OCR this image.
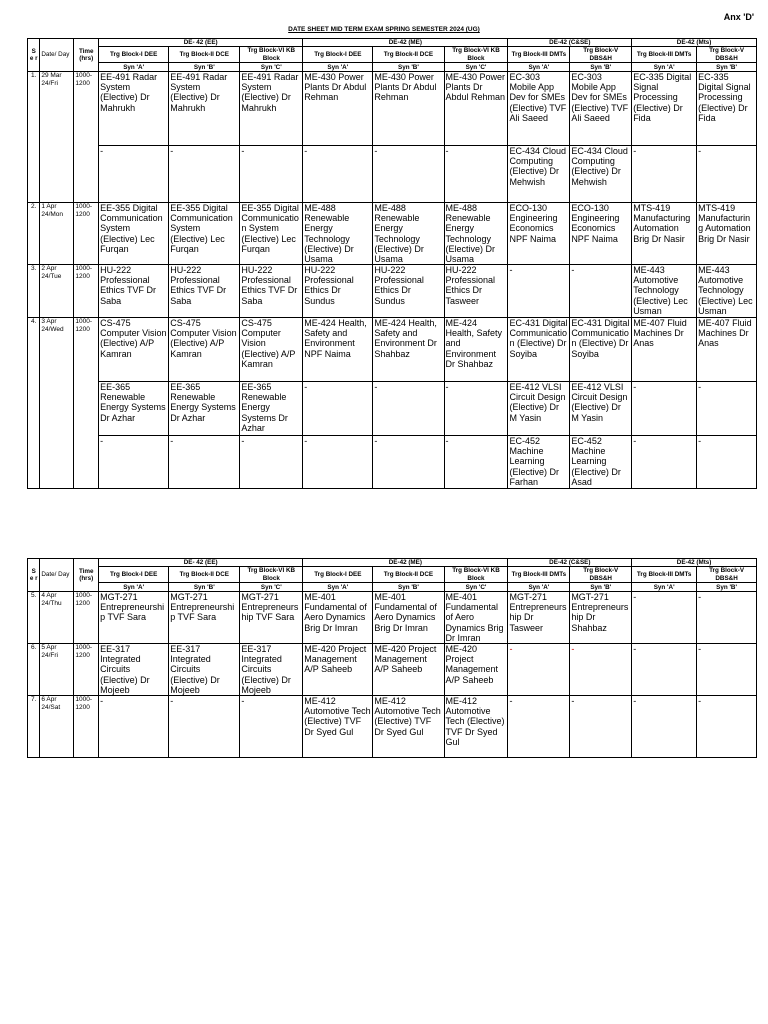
Anx 'D'
DATE SHEET MID TERM EXAM SPRING SEMESTER 2024 (UG)
S e r	Date/ Day	Time (hrs)	DE- 42 (EE)			DE-42 (ME)			DE-42 (C&SE)		DE-42 (Mts)	
			Trg Block-I DEE	Trg Block-II DCE	Trg Block-VI KB Block	Trg Block-I DEE	Trg Block-II DCE	Trg Block-VI KB Block	Trg Block-III DMTs	Trg Block-V DBS&H	Trg Block-III DMTs	Trg Block-V DBS&H
			Syn 'A'	Syn 'B'	Syn 'C'	Syn 'A'	Syn 'B'	Syn 'C'	Syn 'A'	Syn 'B'	Syn 'A'	Syn 'B'
1.	29 Mar 24/Fri	1000-1200	EE-491 Radar System (Elective) Dr Mahrukh	EE-491 Radar System (Elective) Dr Mahrukh	EE-491 Radar System (Elective) Dr Mahrukh	ME-430 Power Plants Dr Abdul Rehman	ME-430 Power Plants Dr Abdul Rehman	ME-430 Power Plants Dr Abdul Rehman	EC-303 Mobile App Dev for SMEs (Elective) TVF Ali Saeed	EC-303 Mobile App Dev for SMEs (Elective) TVF Ali Saeed	EC-335 Digital Signal Processing (Elective) Dr Fida	EC-335 Digital Signal Processing (Elective) Dr Fida
			-	-	-	-	-	-	EC-434 Cloud Computing (Elective) Dr Mehwish	EC-434 Cloud Computing (Elective) Dr Mehwish	-	-
2.	1 Apr 24/Mon	1000-1200	EE-355 Digital Communication System (Elective) Lec Furqan	EE-355 Digital Communication System (Elective) Lec Furqan	EE-355 Digital Communication System (Elective) Lec Furqan	ME-488 Renewable Energy Technology (Elective) Dr Usama	ME-488 Renewable Energy Technology (Elective) Dr Usama	ME-488 Renewable Energy Technology (Elective) Dr Usama	ECO-130 Engineering Economics NPF Naima	ECO-130 Engineering Economics NPF Naima	MTS-419 Manufacturing Automation Brig Dr Nasir	MTS-419 Manufacturing Automation Brig Dr Nasir
3.	2 Apr 24/Tue	1000-1200	HU-222 Professional Ethics TVF Dr Saba	HU-222 Professional Ethics TVF Dr Saba	HU-222 Professional Ethics TVF Dr Saba	HU-222 Professional Ethics Dr Sundus	HU-222 Professional Ethics Dr Sundus	HU-222 Professional Ethics Dr Tasweer	-	-	ME-443 Automotive Technology (Elective) Lec Usman	ME-443 Automotive Technology (Elective) Lec Usman
4.	3 Apr 24/Wed	1000-1200	CS-475 Computer Vision (Elective) A/P Kamran	CS-475 Computer Vision (Elective) A/P Kamran	CS-475 Computer Vision (Elective) A/P Kamran	ME-424 Health, Safety and Environment NPF Naima	ME-424 Health, Safety and Environment Dr Shahbaz	ME-424 Health, Safety and Environment Dr Shahbaz	EC-431 Digital Communication (Elective) Dr Soyiba	EC-431 Digital Communication (Elective) Dr Soyiba	ME-407 Fluid Machines Dr Anas	ME-407 Fluid Machines Dr Anas
			EE-365 Renewable Energy Systems Dr Azhar	EE-365 Renewable Energy Systems Dr Azhar	EE-365 Renewable Energy Systems Dr Azhar	-	-	-	EE-412 VLSI Circuit Design (Elective) Dr M Yasin	EE-412 VLSI Circuit Design (Elective) Dr M Yasin	-	-
			-	-	-	-	-	-	EC-452 Machine Learning (Elective) Dr Farhan	EC-452 Machine Learning (Elective) Dr Asad	-	-
S e r	Date/ Day	Time (hrs)	DE- 42 (EE)			DE-42 (ME)			DE-42 (C&SE)		DE-42 (Mts)	
			Trg Block-I DEE	Trg Block-II DCE	Trg Block-VI KB Block	Trg Block-I DEE	Trg Block-II DCE	Trg Block-VI KB Block	Trg Block-III DMTs	Trg Block-V DBS&H	Trg Block-III DMTs	Trg Block-V DBS&H
			Syn 'A'	Syn 'B'	Syn 'C'	Syn 'A'	Syn 'B'	Syn 'C'	Syn 'A'	Syn 'B'	Syn 'A'	Syn 'B'
5.	4 Apr 24/Thu	1000-1200	MGT-271 Entrepreneurship TVF Sara	MGT-271 Entrepreneurship TVF Sara	MGT-271 Entrepreneurship TVF Sara	ME-401 Fundamental of Aero Dynamics Brig Dr Imran	ME-401 Fundamental of Aero Dynamics Brig Dr Imran	ME-401 Fundamental of Aero Dynamics Brig Dr Imran	MGT-271 Entrepreneurship Dr Tasweer	MGT-271 Entrepreneurship Dr Shahbaz	-	-
6.	5 Apr 24/Fri	1000-1200	EE-317 Integrated Circuits (Elective) Dr Mojeeb	EE-317 Integrated Circuits (Elective) Dr Mojeeb	EE-317 Integrated Circuits (Elective) Dr Mojeeb	ME-420 Project Management A/P Saheeb	ME-420 Project Management A/P Saheeb	ME-420 Project Management A/P Saheeb	-	-	-	-
7.	6 Apr 24/Sat	1000-1200	-	-	-	ME-412 Automotive Tech (Elective) TVF Dr Syed Gul	ME-412 Automotive Tech (Elective) TVF Dr Syed Gul	ME-412 Automotive Tech (Elective) TVF Dr Syed Gul	-	-	-	-
